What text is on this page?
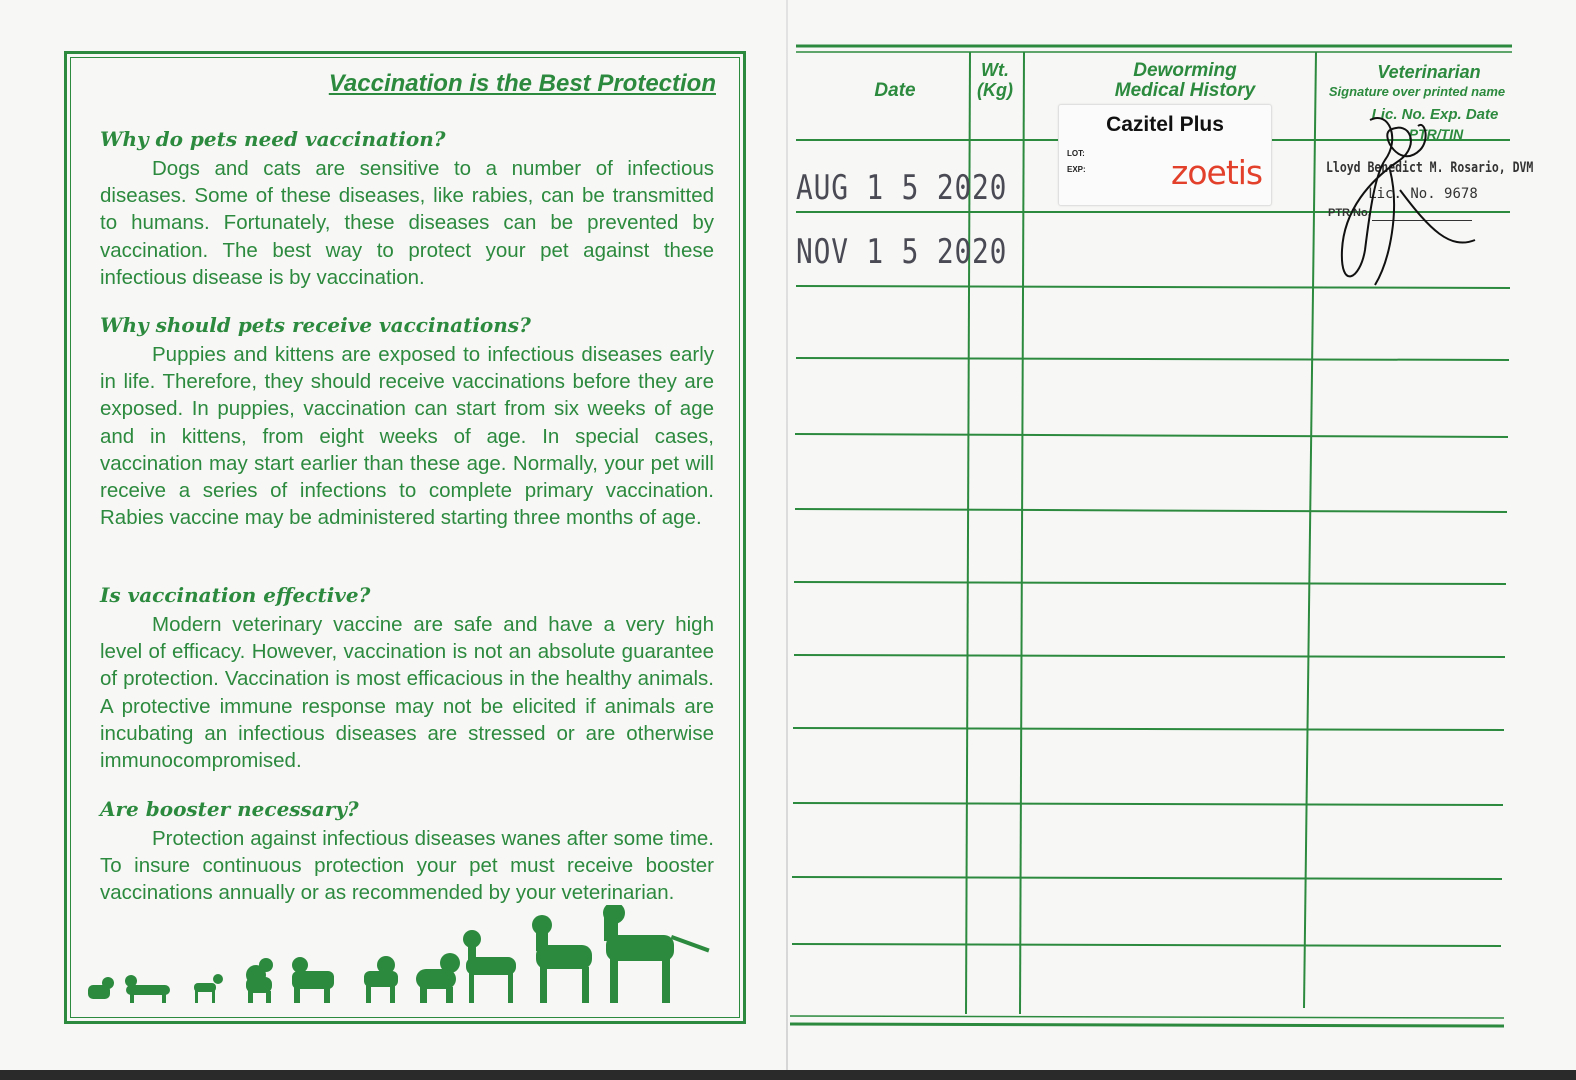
Vaccination is the Best Protection

Why do pets need vaccination?

Dogs and cats are sensitive to a number of infectious diseases. Some of these diseases, like rabies, can be transmitted to humans. Fortunately, these diseases can be prevented by vaccination. The best way to protect your pet against these infectious disease is by vaccination.

Why should pets receive vaccinations?

Puppies and kittens are exposed to infectious diseases early in life. Therefore, they should receive vaccinations before they are exposed. In puppies, vaccination can start from six weeks of age and in kittens, from eight weeks of age. In special cases, vaccination may start earlier than these age. Normally, your pet will receive a series of infections to complete primary vaccination. Rabies vaccine may be administered starting three months of age.

Is vaccination effective?

Modern veterinary vaccine are safe and have a very high level of efficacy. However, vaccination is not an absolute guarantee of protection. Vaccination is most efficacious in the healthy animals. A protective immune response may not be elicited if animals are incubating an infectious diseases are stressed or are otherwise immunocompromised.

Are booster necessary?

Protection against infectious diseases wanes after some time. To insure continuous protection your pet must receive booster vaccinations annually or as recommended by your veterinarian.

Date
Wt.
(Kg)
Deworming
Medical History
Veterinarian
Signature over printed name
Lic. No. Exp. Date
PTR/TIN
AUG 1 5 2020
NOV 1 5 2020
Cazitel Plus
LOT:
EXP:	zoetis	Lloyd Benedict M. Rosario, DVM
Lic. No. 9678
PTR No.
